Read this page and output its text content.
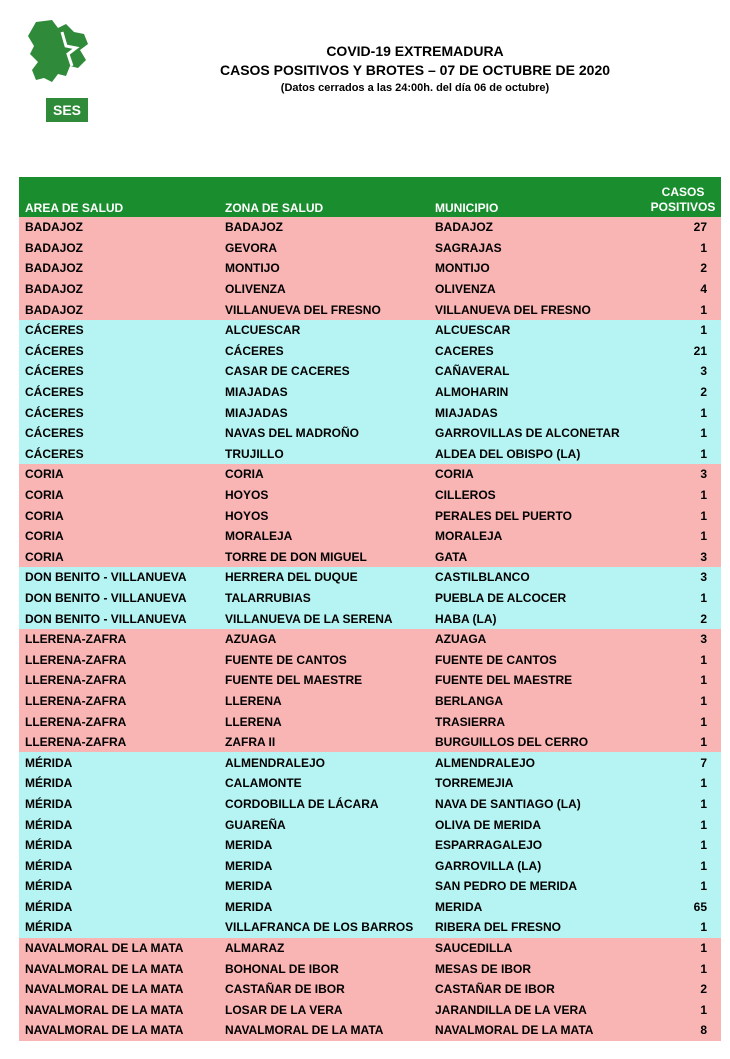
SES
COVID-19 EXTREMADURA
CASOS POSITIVOS Y BROTES – 07 DE OCTUBRE DE 2020
(Datos cerrados a las 24:00h. del día 06 de octubre)
AREA DE SALUD	ZONA DE SALUD	MUNICIPIO	CASOS
POSITIVOS
BADAJOZ	BADAJOZ	BADAJOZ	27
BADAJOZ	GEVORA	SAGRAJAS	1
BADAJOZ	MONTIJO	MONTIJO	2
BADAJOZ	OLIVENZA	OLIVENZA	4
BADAJOZ	VILLANUEVA DEL FRESNO	VILLANUEVA DEL FRESNO	1
CÁCERES	ALCUESCAR	ALCUESCAR	1
CÁCERES	CÁCERES	CACERES	21
CÁCERES	CASAR DE CACERES	CAÑAVERAL	3
CÁCERES	MIAJADAS	ALMOHARIN	2
CÁCERES	MIAJADAS	MIAJADAS	1
CÁCERES	NAVAS DEL MADROÑO	GARROVILLAS DE ALCONETAR	1
CÁCERES	TRUJILLO	ALDEA DEL OBISPO (LA)	1
CORIA	CORIA	CORIA	3
CORIA	HOYOS	CILLEROS	1
CORIA	HOYOS	PERALES DEL PUERTO	1
CORIA	MORALEJA	MORALEJA	1
CORIA	TORRE DE DON MIGUEL	GATA	3
DON BENITO - VILLANUEVA	HERRERA DEL DUQUE	CASTILBLANCO	3
DON BENITO - VILLANUEVA	TALARRUBIAS	PUEBLA DE ALCOCER	1
DON BENITO - VILLANUEVA	VILLANUEVA DE LA SERENA	HABA (LA)	2
LLERENA-ZAFRA	AZUAGA	AZUAGA	3
LLERENA-ZAFRA	FUENTE DE CANTOS	FUENTE DE CANTOS	1
LLERENA-ZAFRA	FUENTE DEL MAESTRE	FUENTE DEL MAESTRE	1
LLERENA-ZAFRA	LLERENA	BERLANGA	1
LLERENA-ZAFRA	LLERENA	TRASIERRA	1
LLERENA-ZAFRA	ZAFRA II	BURGUILLOS DEL CERRO	1
MÉRIDA	ALMENDRALEJO	ALMENDRALEJO	7
MÉRIDA	CALAMONTE	TORREMEJIA	1
MÉRIDA	CORDOBILLA DE LÁCARA	NAVA DE SANTIAGO (LA)	1
MÉRIDA	GUAREÑA	OLIVA DE MERIDA	1
MÉRIDA	MERIDA	ESPARRAGALEJO	1
MÉRIDA	MERIDA	GARROVILLA (LA)	1
MÉRIDA	MERIDA	SAN PEDRO DE MERIDA	1
MÉRIDA	MERIDA	MERIDA	65
MÉRIDA	VILLAFRANCA DE LOS BARROS	RIBERA DEL FRESNO	1
NAVALMORAL DE LA MATA	ALMARAZ	SAUCEDILLA	1
NAVALMORAL DE LA MATA	BOHONAL DE IBOR	MESAS DE IBOR	1
NAVALMORAL DE LA MATA	CASTAÑAR DE IBOR	CASTAÑAR DE IBOR	2
NAVALMORAL DE LA MATA	LOSAR DE LA VERA	JARANDILLA DE LA VERA	1
NAVALMORAL DE LA MATA	NAVALMORAL DE LA MATA	NAVALMORAL DE LA MATA	8
